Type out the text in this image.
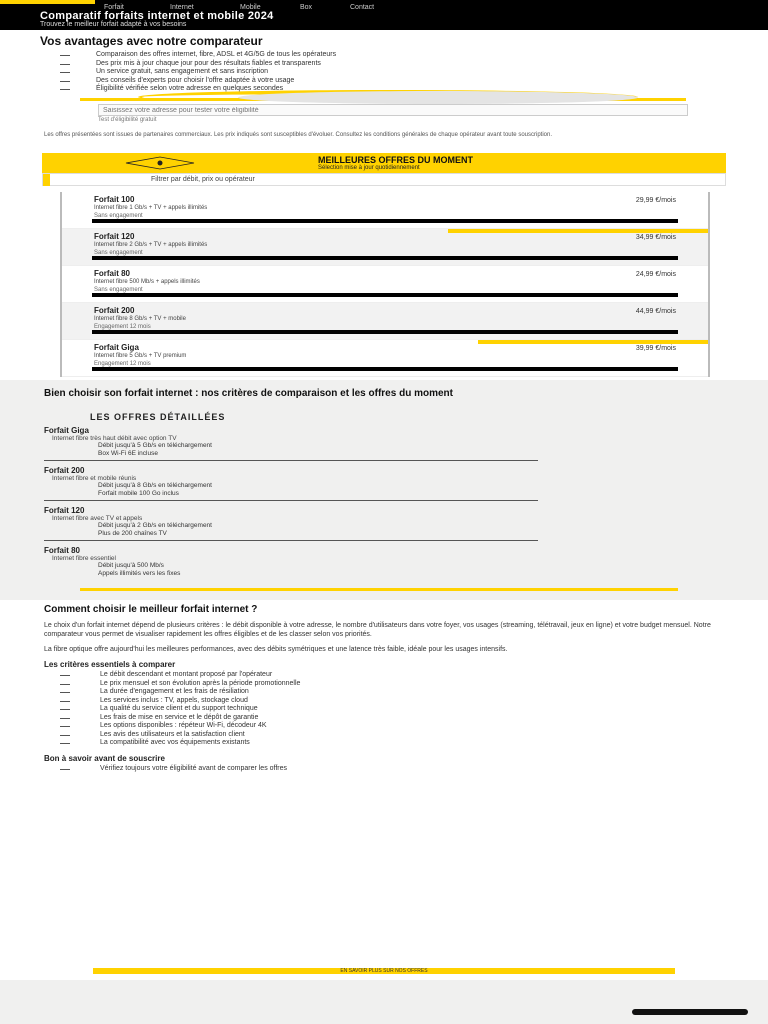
Forfait	Internet	Mobile	Box	Contact
Comparatif forfaits internet et mobile 2024
Trouvez le meilleur forfait adapté à vos besoins
Vos avantages avec notre comparateur
Comparaison des offres internet, fibre, ADSL et 4G/5G de tous les opérateurs
Des prix mis à jour chaque jour pour des résultats fiables et transparents
Un service gratuit, sans engagement et sans inscription
Des conseils d'experts pour choisir l'offre adaptée à votre usage
Éligibilité vérifiée selon votre adresse en quelques secondes
Saisissez votre adresse pour tester votre éligibilité
Test d'éligibilité gratuit
Les offres présentées sont issues de partenaires commerciaux. Les prix indiqués sont susceptibles d'évoluer. Consultez les conditions générales de chaque opérateur avant toute souscription.
MEILLEURES OFFRES DU MOMENT
Sélection mise à jour quotidiennement
Filtrer par débit, prix ou opérateur
Forfait 100
Internet fibre 1 Gb/s + TV + appels illimités
29,99 €/mois
Sans engagement
Forfait 120
Internet fibre 2 Gb/s + TV + appels illimités
34,99 €/mois
Sans engagement
Forfait 80
Internet fibre 500 Mb/s + appels illimités
24,99 €/mois
Sans engagement
Forfait 200
Internet fibre 8 Gb/s + TV + mobile
44,99 €/mois
Engagement 12 mois
Forfait Giga
Internet fibre 5 Gb/s + TV premium
39,99 €/mois
Engagement 12 mois
Bien choisir son forfait internet : nos critères de comparaison et les offres du moment
LES OFFRES DÉTAILLÉES
Forfait Giga
Internet fibre très haut débit avec option TV
Débit jusqu'à 5 Gb/s en téléchargement
Box Wi-Fi 6E incluse
Forfait 200
Internet fibre et mobile réunis
Débit jusqu'à 8 Gb/s en téléchargement
Forfait mobile 100 Go inclus
Forfait 120
Internet fibre avec TV et appels
Débit jusqu'à 2 Gb/s en téléchargement
Plus de 200 chaînes TV
Forfait 80
Internet fibre essentiel
Débit jusqu'à 500 Mb/s
Appels illimités vers les fixes
Comment choisir le meilleur forfait internet ?

Le choix d'un forfait internet dépend de plusieurs critères : le débit disponible à votre adresse, le nombre d'utilisateurs dans votre foyer, vos usages (streaming, télétravail, jeux en ligne) et votre budget mensuel. Notre comparateur vous permet de visualiser rapidement les offres éligibles et de les classer selon vos priorités.

La fibre optique offre aujourd'hui les meilleures performances, avec des débits symétriques et une latence très faible, idéale pour les usages intensifs.

Les critères essentiels à comparer
Le débit descendant et montant proposé par l'opérateur
Le prix mensuel et son évolution après la période promotionnelle
La durée d'engagement et les frais de résiliation
Les services inclus : TV, appels, stockage cloud
La qualité du service client et du support technique
Les frais de mise en service et le dépôt de garantie
Les options disponibles : répéteur Wi-Fi, décodeur 4K
Les avis des utilisateurs et la satisfaction client
La compatibilité avec vos équipements existants
Bon à savoir avant de souscrire
Vérifiez toujours votre éligibilité avant de comparer les offres
EN SAVOIR PLUS SUR NOS OFFRES
